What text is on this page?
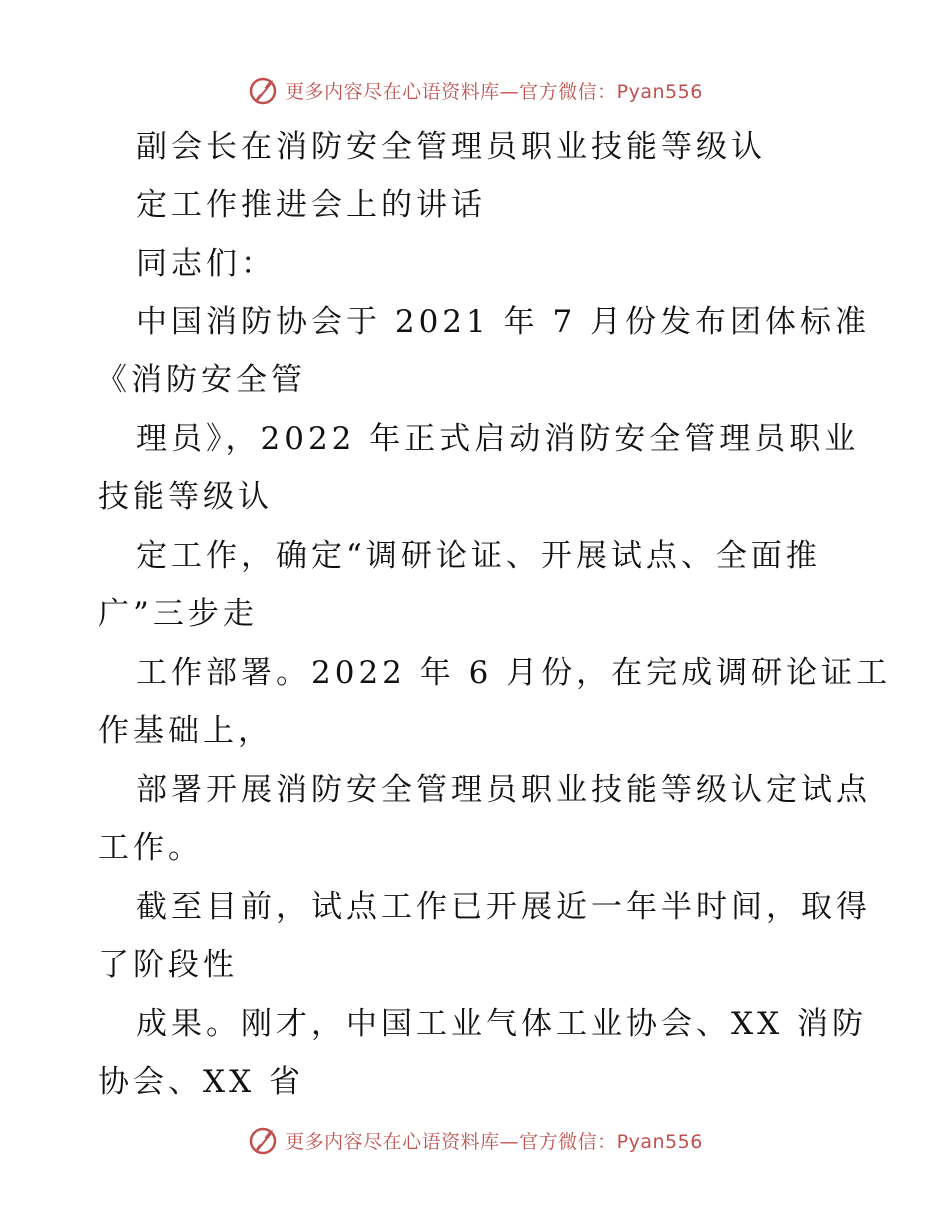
更多内容尽在心语资料库—官方微信：Pyan556
副会长在消防安全管理员职业技能等级认
定工作推进会上的讲话
同志们：
中国消防协会于 2021 年 7 月份发布团体标准
《消防安全管
理员》，2022 年正式启动消防安全管理员职业
技能等级认
定工作，确定“调研论证、开展试点、全面推
广”三步走
工作部署。2022 年 6 月份，在完成调研论证工
作基础上，
部署开展消防安全管理员职业技能等级认定试点
工作。
截至目前，试点工作已开展近一年半时间，取得
了阶段性
成果。刚才，中国工业气体工业协会、XX 消防
协会、XX 省
更多内容尽在心语资料库—官方微信：Pyan556
